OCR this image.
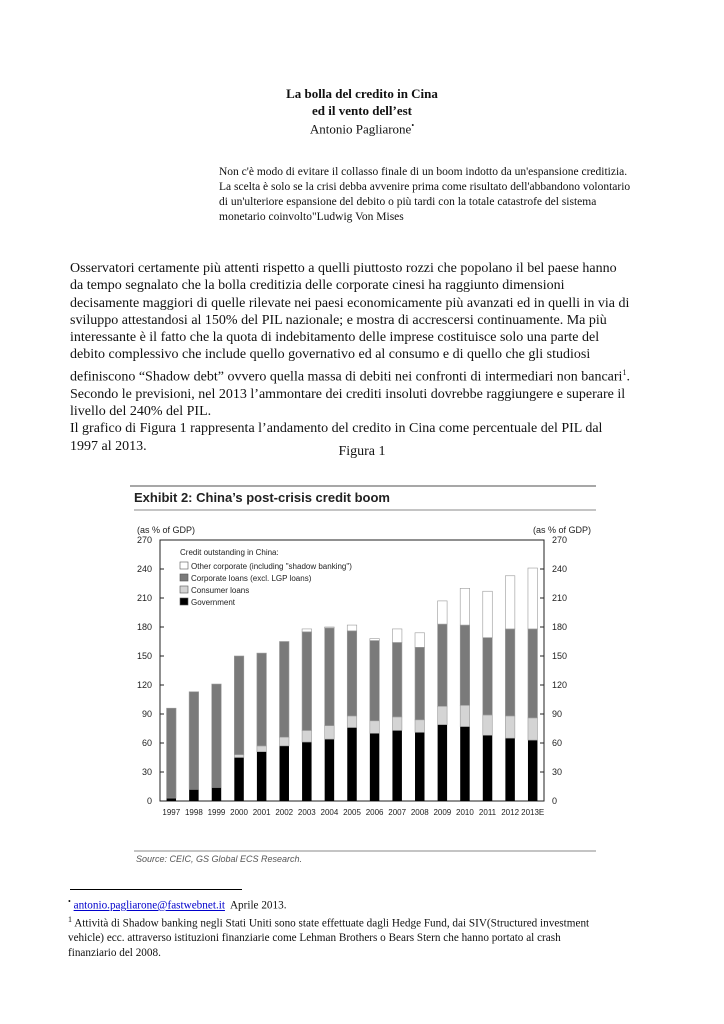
La bolla del credito in Cina
ed il vento dell’est
Antonio Pagliarone•
Non c'è modo di evitare il collasso finale di un boom indotto da un'espansione creditizia.
La scelta è solo se la crisi debba avvenire prima come risultato dell'abbandono volontario
di un'ulteriore espansione del debito o più tardi con la totale catastrofe del sistema
monetario coinvolto"Ludwig Von Mises

Osservatori certamente più attenti rispetto a quelli piuttosto rozzi che popolano il bel paese hanno

da tempo segnalato che la bolla creditizia delle corporate cinesi ha raggiunto dimensioni

decisamente maggiori di quelle rilevate nei paesi economicamente più avanzati ed in quelli in via di

sviluppo attestandosi al 150% del PIL nazionale; e mostra di accrescersi continuamente. Ma più

interessante è il fatto che la quota di indebitamento delle imprese costituisce solo una parte del

debito complessivo che include quello governativo ed al consumo e di quello che gli studiosi

definiscono “Shadow debt” ovvero quella massa di debiti nei confronti di intermediari non bancari$^1$.

Secondo le previsioni, nel 2013 l’ammontare dei crediti insoluti dovrebbe raggiungere e superare il

livello del 240% del PIL.

Il grafico di Figura 1 rappresenta l’andamento del credito in Cina come percentuale del PIL dal

1997 al 2013.	Figura 1
Exhibit 2: China’s post-crisis credit boom
(as % of GDP)	(as % of GDP)
0
30
60
90
120
150
180
210
240
270
0
30
60
90
120
150
180
210
240
270
1997 1998 1999 2000 2001 2002 2003 2004 2005 2006 2007 2008 2009 2010 2011 2012 2013E
Credit outstanding in China:
Other corporate (including "shadow banking")
Corporate loans (excl. LGP loans)
Consumer loans
Government
Source: CEIC, GS Global ECS Research.

• antonio.pagliarone@fastwebnet.it Aprile 2013.

$^1$ Attività di Shadow banking negli Stati Uniti sono state effettuate dagli Hedge Fund, dai SIV(Structured investment

vehicle) ecc. attraverso istituzioni finanziarie come Lehman Brothers o Bears Stern che hanno portato al crash

finanziario del 2008.
